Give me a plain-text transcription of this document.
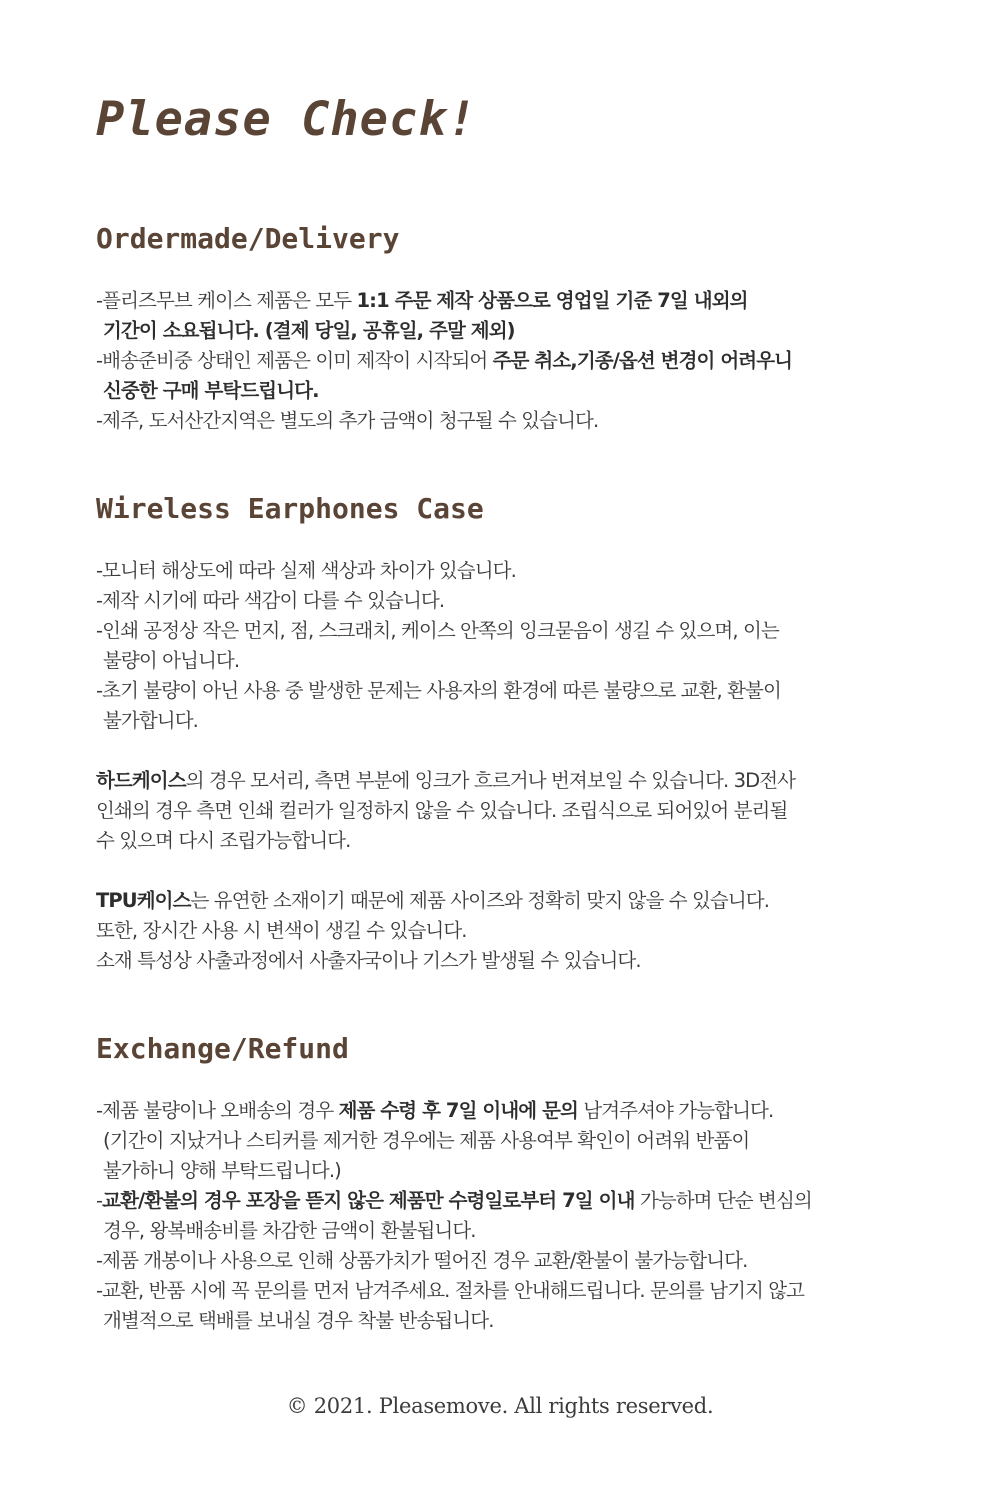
Please Check!
Ordermade/Delivery
-플리즈무브 케이스 제품은 모두 1:1 주문 제작 상품으로 영업일 기준 7일 내외의
기간이 소요됩니다. (결제 당일, 공휴일, 주말 제외)
-배송준비중 상태인 제품은 이미 제작이 시작되어 주문 취소,기종/옵션 변경이 어려우니
신중한 구매 부탁드립니다.
-제주, 도서산간지역은 별도의 추가 금액이 청구될 수 있습니다.
Wireless Earphones Case
-모니터 해상도에 따라 실제 색상과 차이가 있습니다.
-제작 시기에 따라 색감이 다를 수 있습니다.
-인쇄 공정상 작은 먼지, 점, 스크래치, 케이스 안쪽의 잉크묻음이 생길 수 있으며, 이는
불량이 아닙니다.
-초기 불량이 아닌 사용 중 발생한 문제는 사용자의 환경에 따른 불량으로 교환, 환불이
불가합니다.
하드케이스의 경우 모서리, 측면 부분에 잉크가 흐르거나 번져보일 수 있습니다. 3D전사
인쇄의 경우 측면 인쇄 컬러가 일정하지 않을 수 있습니다. 조립식으로 되어있어 분리될
수 있으며 다시 조립가능합니다.
TPU케이스는 유연한 소재이기 때문에 제품 사이즈와 정확히 맞지 않을 수 있습니다.
또한, 장시간 사용 시 변색이 생길 수 있습니다.
소재 특성상 사출과정에서 사출자국이나 기스가 발생될 수 있습니다.
Exchange/Refund
-제품 불량이나 오배송의 경우 제품 수령 후 7일 이내에 문의 남겨주셔야 가능합니다.
(기간이 지났거나 스티커를 제거한 경우에는 제품 사용여부 확인이 어려워 반품이
불가하니 양해 부탁드립니다.)
-교환/환불의 경우 포장을 뜯지 않은 제품만 수령일로부터 7일 이내 가능하며 단순 변심의
경우, 왕복배송비를 차감한 금액이 환불됩니다.
-제품 개봉이나 사용으로 인해 상품가치가 떨어진 경우 교환/환불이 불가능합니다.
-교환, 반품 시에 꼭 문의를 먼저 남겨주세요. 절차를 안내해드립니다. 문의를 남기지 않고
개별적으로 택배를 보내실 경우 착불 반송됩니다.
© 2021. Pleasemove. All rights reserved.
